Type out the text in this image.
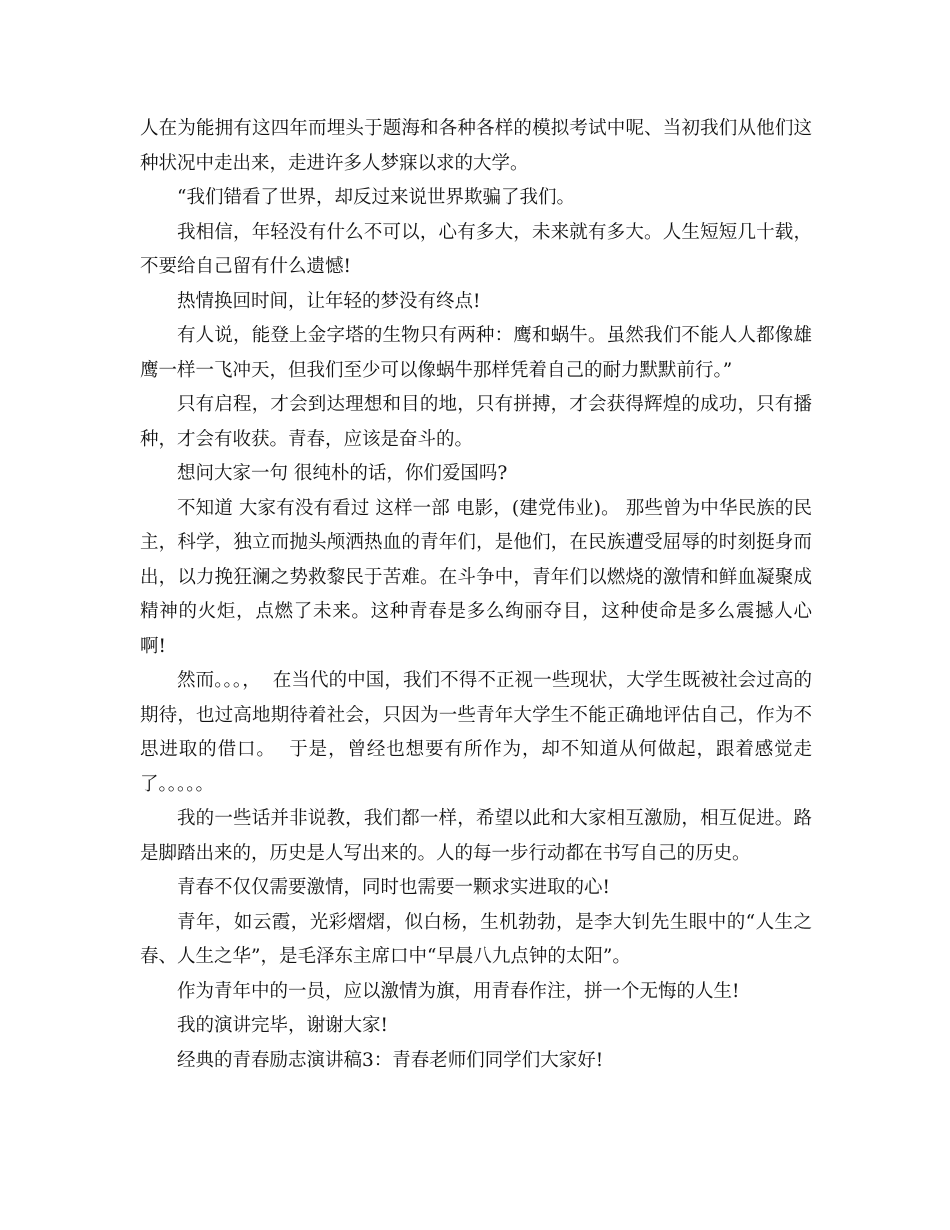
人在为能拥有这四年而埋头于题海和各种各样的模拟考试中呢、当初我们从他们这种状况中走出来，走进许多人梦寐以求的大学。

“我们错看了世界，却反过来说世界欺骗了我们。

我相信，年轻没有什么不可以，心有多大，未来就有多大。人生短短几十载，不要给自己留有什么遗憾!

热情换回时间，让年轻的梦没有终点!

有人说，能登上金字塔的生物只有两种：鹰和蜗牛。虽然我们不能人人都像雄鹰一样一飞冲天，但我们至少可以像蜗牛那样凭着自己的耐力默默前行。”

只有启程，才会到达理想和目的地，只有拼搏，才会获得辉煌的成功，只有播种，才会有收获。青春，应该是奋斗的。

想问大家一句 很纯朴的话，你们爱国吗?

不知道 大家有没有看过 这样一部 电影，(建党伟业)。 那些曾为中华民族的民主，科学，独立而抛头颅洒热血的青年们，是他们，在民族遭受屈辱的时刻挺身而出，以力挽狂澜之势救黎民于苦难。在斗争中，青年们以燃烧的激情和鲜血凝聚成精神的火炬，点燃了未来。这种青春是多么绚丽夺目，这种使命是多么震撼人心啊!

然而。。。，  在当代的中国，我们不得不正视一些现状，大学生既被社会过高的期待，也过高地期待着社会，只因为一些青年大学生不能正确地评估自己，作为不思进取的借口。  于是，曾经也想要有所作为，却不知道从何做起，跟着感觉走了。。。。。

我的一些话并非说教，我们都一样，希望以此和大家相互激励，相互促进。路是脚踏出来的，历史是人写出来的。人的每一步行动都在书写自己的历史。

青春不仅仅需要激情，同时也需要一颗求实进取的心!

青年，如云霞，光彩熠熠，似白杨，生机勃勃，是李大钊先生眼中的“人生之春、人生之华”，是毛泽东主席口中“早晨八九点钟的太阳”。

作为青年中的一员，应以激情为旗，用青春作注，拼一个无悔的人生!

我的演讲完毕，谢谢大家!

经典的青春励志演讲稿3：青春老师们同学们大家好!
